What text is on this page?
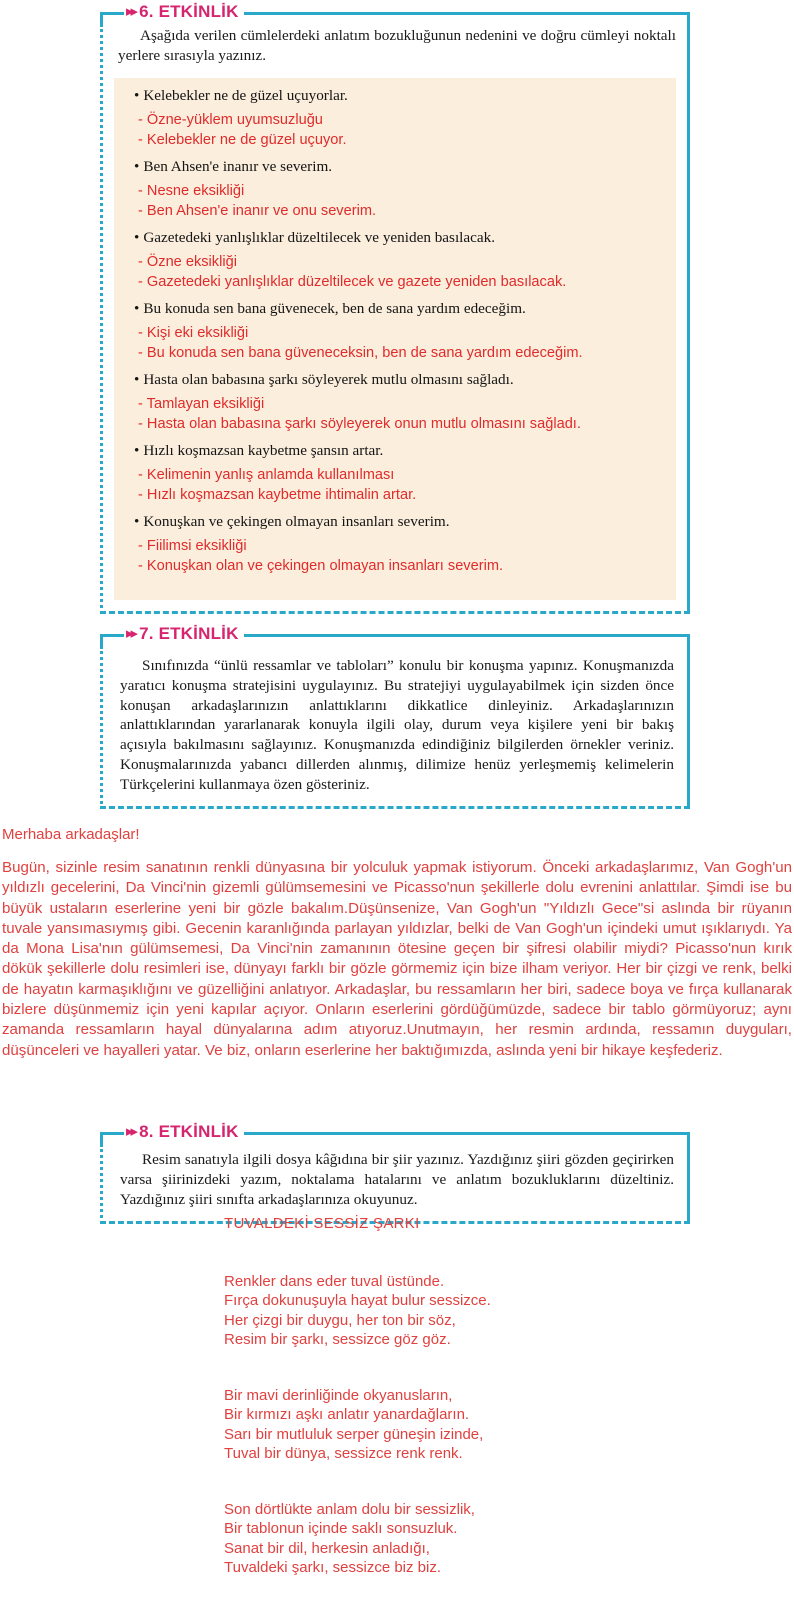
▸▸ 6. ETKİNLİK

Aşağıda verilen cümlelerdeki anlatım bozukluğunun nedenini ve doğru cümleyi noktalı yerlere sırasıyla yazınız.

• Kelebekler ne de güzel uçuyorlar.
- Özne-yüklem uyumsuzluğu
- Kelebekler ne de güzel uçuyor.
• Ben Ahsen'e inanır ve severim.
- Nesne eksikliği
- Ben Ahsen'e inanır ve onu severim.
• Gazetedeki yanlışlıklar düzeltilecek ve yeniden basılacak.
- Özne eksikliği
- Gazetedeki yanlışlıklar düzeltilecek ve gazete yeniden basılacak.
• Bu konuda sen bana güvenecek, ben de sana yardım edeceğim.
- Kişi eki eksikliği
- Bu konuda sen bana güveneceksin, ben de sana yardım edeceğim.
• Hasta olan babasına şarkı söyleyerek mutlu olmasını sağladı.
- Tamlayan eksikliği
- Hasta olan babasına şarkı söyleyerek onun mutlu olmasını sağladı.
• Hızlı koşmazsan kaybetme şansın artar.
- Kelimenin yanlış anlamda kullanılması
- Hızlı koşmazsan kaybetme ihtimalin artar.
• Konuşkan ve çekingen olmayan insanları severim.
- Fiilimsi eksikliği
- Konuşkan olan ve çekingen olmayan insanları severim.
▸▸ 7. ETKİNLİK

Sınıfınızda “ünlü ressamlar ve tabloları” konulu bir konuşma yapınız. Konuşmanızda yaratıcı konuşma stratejisini uygulayınız. Bu stratejiyi uygulayabilmek için sizden önce konuşan arkadaşlarınızın anlattıklarını dikkatlice dinleyiniz. Arkadaşlarınızın anlattıklarından yararlanarak konuyla ilgili olay, durum veya kişilere yeni bir bakış açısıyla bakılmasını sağlayınız. Konuşmanızda edindiğiniz bilgilerden örnekler veriniz. Konuşmalarınızda yabancı dillerden alınmış, dilimize henüz yerleşmemiş kelimelerin Türkçelerini kullanmaya özen gösteriniz.

Merhaba arkadaşlar!
Bugün, sizinle resim sanatının renkli dünyasına bir yolculuk yapmak istiyorum. Önceki arkadaşlarımız, Van Gogh'un yıldızlı gecelerini, Da Vinci'nin gizemli gülümsemesini ve Picasso'nun şekillerle dolu evrenini anlattılar. Şimdi ise bu büyük ustaların eserlerine yeni bir gözle bakalım.Düşünsenize, Van Gogh'un "Yıldızlı Gece"si aslında bir rüyanın tuvale yansımasıymış gibi. Gecenin karanlığında parlayan yıldızlar, belki de Van Gogh'un içindeki umut ışıklarıydı. Ya da Mona Lisa'nın gülümsemesi, Da Vinci'nin zamanının ötesine geçen bir şifresi olabilir miydi? Picasso'nun kırık dökük şekillerle dolu resimleri ise, dünyayı farklı bir gözle görmemiz için bize ilham veriyor. Her bir çizgi ve renk, belki de hayatın karmaşıklığını ve güzelliğini anlatıyor. Arkadaşlar, bu ressamların her biri, sadece boya ve fırça kullanarak bizlere düşünmemiz için yeni kapılar açıyor. Onların eserlerini gördüğümüzde, sadece bir tablo görmüyoruz; aynı zamanda ressamların hayal dünyalarına adım atıyoruz.Unutmayın, her resmin ardında, ressamın duyguları, düşünceleri ve hayalleri yatar. Ve biz, onların eserlerine her baktığımızda, aslında yeni bir hikaye keşfederiz.
▸▸ 8. ETKİNLİK

Resim sanatıyla ilgili dosya kâğıdına bir şiir yazınız. Yazdığınız şiiri gözden geçirirken varsa şiirinizdeki yazım, noktalama hatalarını ve anlatım bozukluklarını düzeltiniz. Yazdığınız şiiri sınıfta arkadaşlarınıza okuyunuz.

TUVALDEKİ SESSİZ ŞARKI
Renkler dans eder tuval üstünde.
Fırça dokunuşuyla hayat bulur sessizce.
Her çizgi bir duygu, her ton bir söz,
Resim bir şarkı, sessizce göz göz.
Bir mavi derinliğinde okyanusların,
Bir kırmızı aşkı anlatır yanardağların.
Sarı bir mutluluk serper güneşin izinde,
Tuval bir dünya, sessizce renk renk.
Son dörtlükte anlam dolu bir sessizlik,
Bir tablonun içinde saklı sonsuzluk.
Sanat bir dil, herkesin anladığı,
Tuvaldeki şarkı, sessizce biz biz.
